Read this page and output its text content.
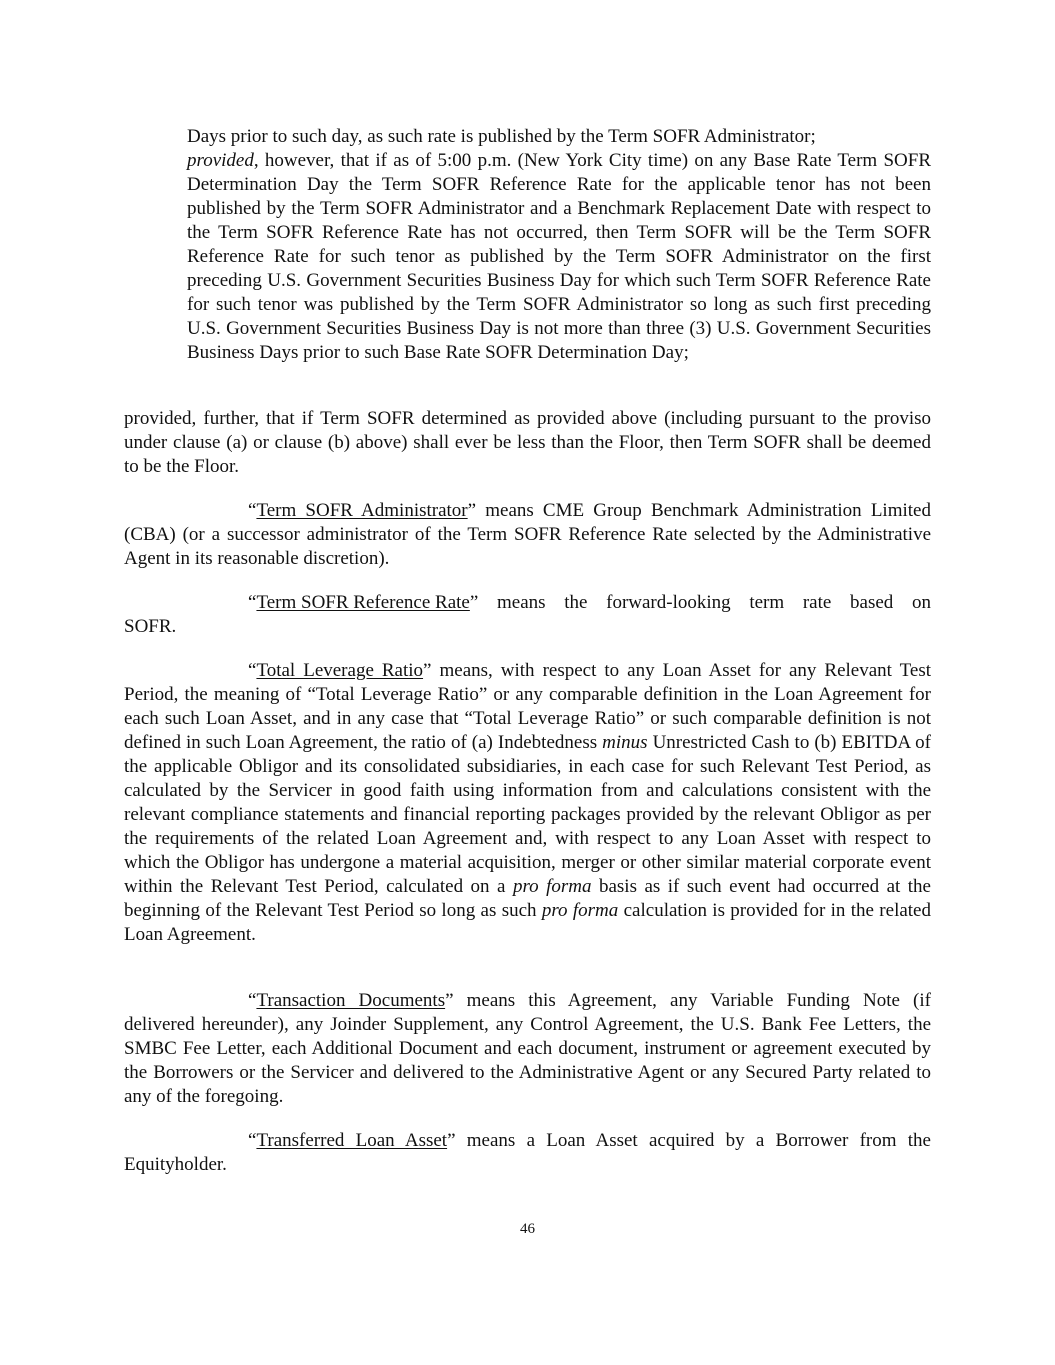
Days prior to such day, as such rate is published by the Term SOFR Administrator;
provided, however, that if as of 5:00 p.m. (New York City time) on any Base Rate Term SOFR Determination Day the Term SOFR Reference Rate for the applicable tenor has not been published by the Term SOFR Administrator and a Benchmark Replacement Date with respect to the Term SOFR Reference Rate has not occurred, then Term SOFR will be the Term SOFR Reference Rate for such tenor as published by the Term SOFR Administrator on the first preceding U.S. Government Securities Business Day for which such Term SOFR Reference Rate for such tenor was published by the Term SOFR Administrator so long as such first preceding U.S. Government Securities Business Day is not more than three (3) U.S. Government Securities Business Days prior to such Base Rate SOFR Determination Day;

provided, further, that if Term SOFR determined as provided above (including pursuant to the proviso under clause (a) or clause (b) above) shall ever be less than the Floor, then Term SOFR shall be deemed to be the Floor.

“Term SOFR Administrator” means CME Group Benchmark Administration Limited (CBA) (or a successor administrator of the Term SOFR Reference Rate selected by the Administrative Agent in its reasonable discretion).

“Term SOFR Reference Rate” means the forward-looking term rate based on
SOFR.

“Total Leverage Ratio” means, with respect to any Loan Asset for any Relevant Test Period, the meaning of “Total Leverage Ratio” or any comparable definition in the Loan Agreement for each such Loan Asset, and in any case that “Total Leverage Ratio” or such comparable definition is not defined in such Loan Agreement, the ratio of (a) Indebtedness minus Unrestricted Cash to (b) EBITDA of the applicable Obligor and its consolidated subsidiaries, in each case for such Relevant Test Period, as calculated by the Servicer in good faith using information from and calculations consistent with the relevant compliance statements and financial reporting packages provided by the relevant Obligor as per the requirements of the related Loan Agreement and, with respect to any Loan Asset with respect to which the Obligor has undergone a material acquisition, merger or other similar material corporate event within the Relevant Test Period, calculated on a pro forma basis as if such event had occurred at the beginning of the Relevant Test Period so long as such pro forma calculation is provided for in the related Loan Agreement.

“Transaction Documents” means this Agreement, any Variable Funding Note (if delivered hereunder), any Joinder Supplement, any Control Agreement, the U.S. Bank Fee Letters, the SMBC Fee Letter, each Additional Document and each document, instrument or agreement executed by the Borrowers or the Servicer and delivered to the Administrative Agent or any Secured Party related to any of the foregoing.

“Transferred Loan Asset” means a Loan Asset acquired by a Borrower from the Equityholder.

46
